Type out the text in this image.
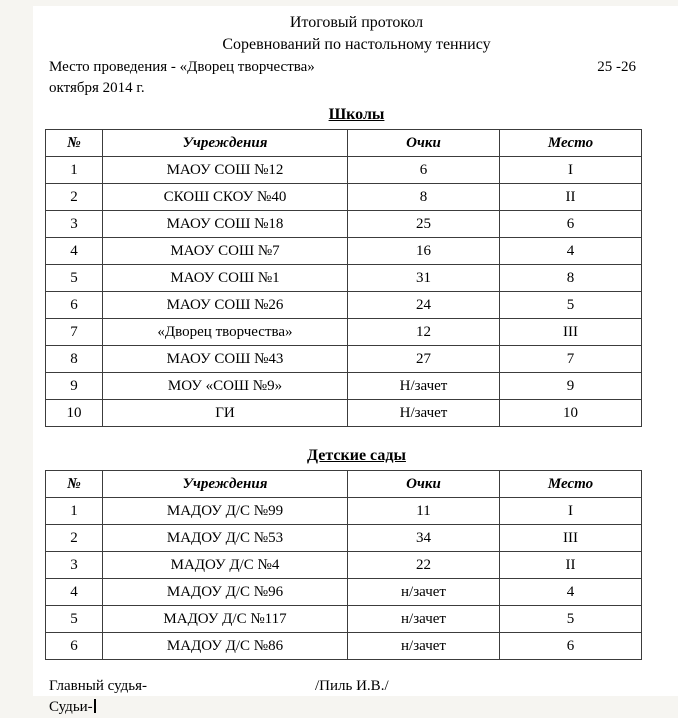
Итоговый протокол
Соревнований по настольному теннису
Место проведения - «Дворец творчества»	25 -26
октября 2014 г.
Школы
№	Учреждения	Очки	Место
1	МАОУ СОШ №12	6	I
2	СКОШ СКОУ №40	8	II
3	МАОУ СОШ №18	25	6
4	МАОУ СОШ №7	16	4
5	МАОУ СОШ №1	31	8
6	МАОУ СОШ №26	24	5
7	«Дворец творчества»	12	III
8	МАОУ СОШ №43	27	7
9	МОУ «СОШ №9»	Н/зачет	9
10	ГИ	Н/зачет	10
Детские сады
№	Учреждения	Очки	Место
1	МАДОУ Д/С №99	11	I
2	МАДОУ Д/С №53	34	III
3	МАДОУ Д/С №4	22	II
4	МАДОУ Д/С №96	н/зачет	4
5	МАДОУ Д/С №117	н/зачет	5
6	МАДОУ Д/С №86	н/зачет	6
Главный судья-	/Пиль И.В./
Судьи-
